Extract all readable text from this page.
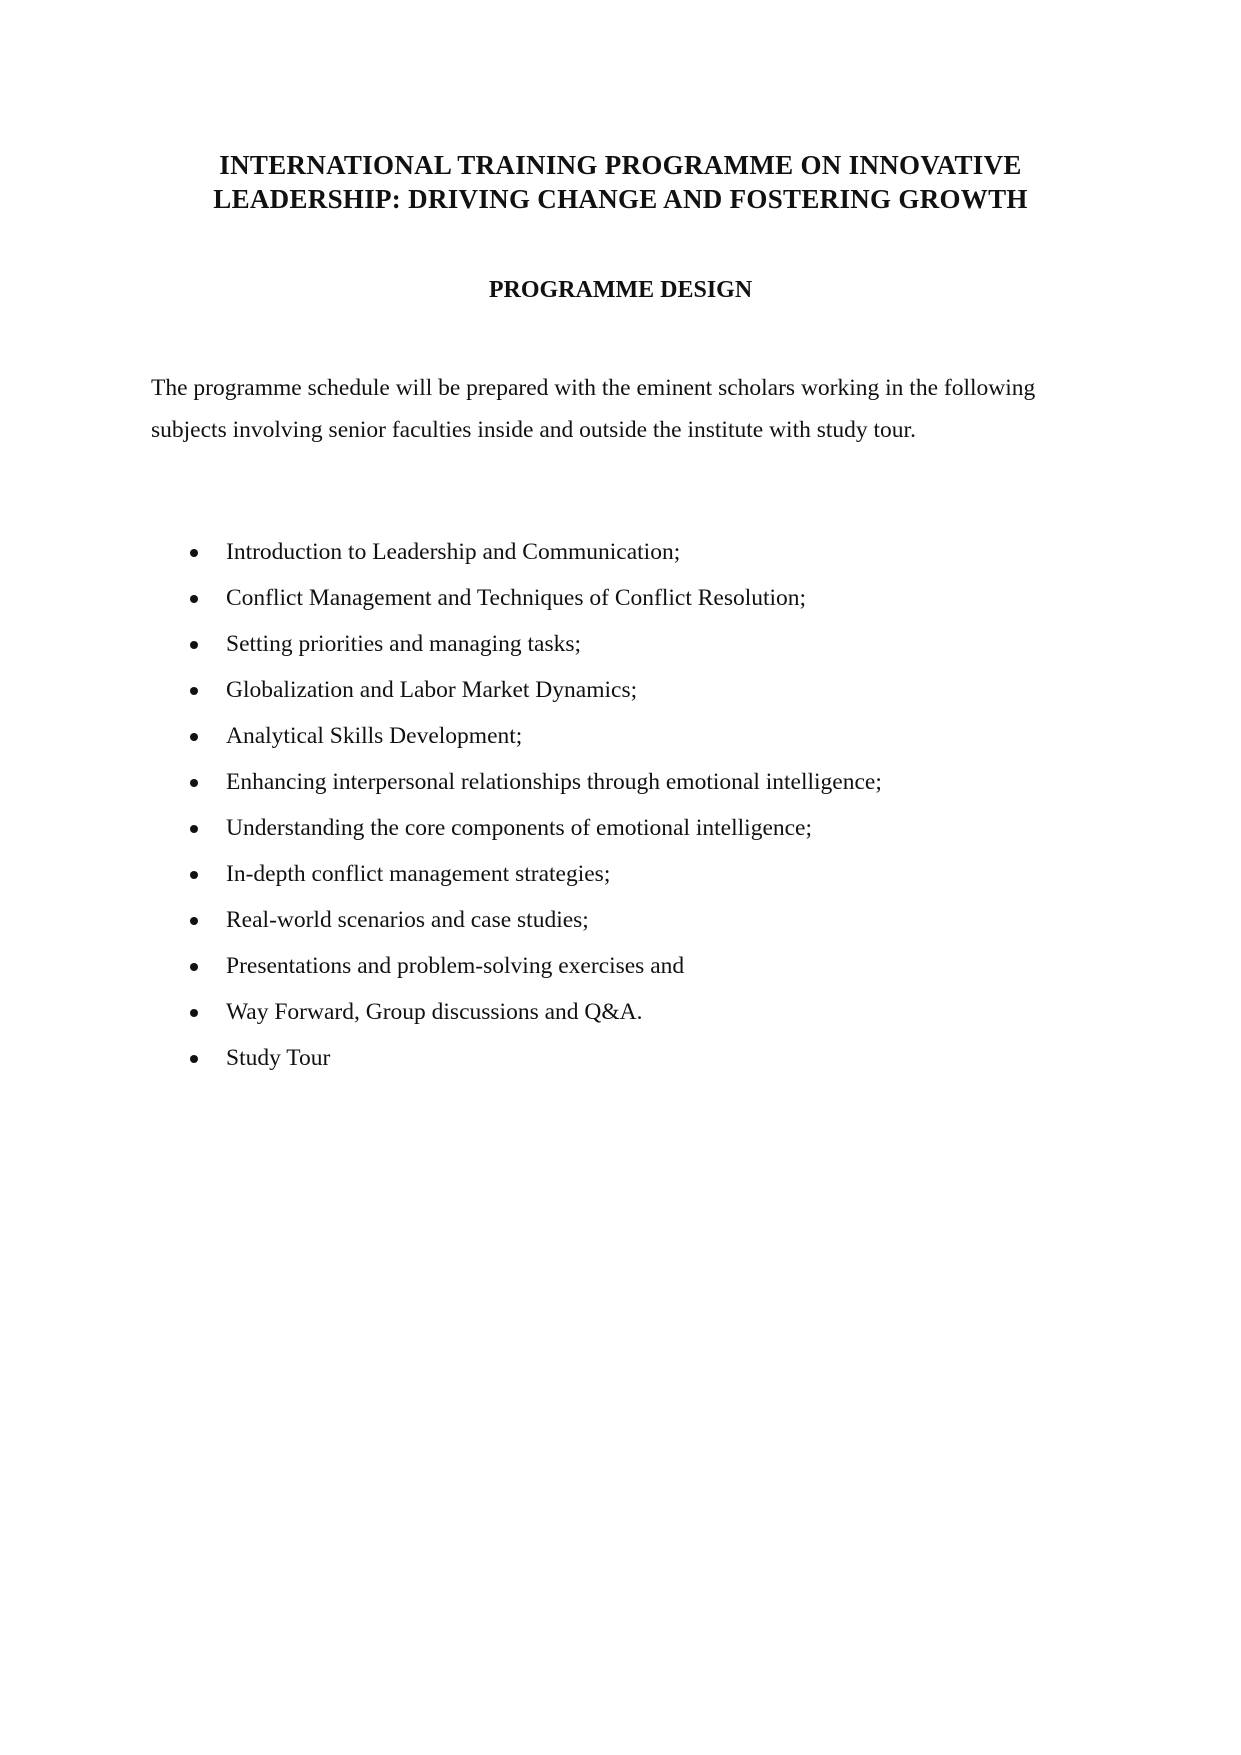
INTERNATIONAL TRAINING PROGRAMME ON INNOVATIVE
LEADERSHIP: DRIVING CHANGE AND FOSTERING GROWTH
PROGRAMME DESIGN

The programme schedule will be prepared with the eminent scholars working in the following
subjects involving senior faculties inside and outside the institute with study tour.

Introduction to Leadership and Communication;
Conflict Management and Techniques of Conflict Resolution;
Setting priorities and managing tasks;
Globalization and Labor Market Dynamics;
Analytical Skills Development;
Enhancing interpersonal relationships through emotional intelligence;
Understanding the core components of emotional intelligence;
In-depth conflict management strategies;
Real-world scenarios and case studies;
Presentations and problem-solving exercises and
Way Forward, Group discussions and Q&A.
Study Tour
